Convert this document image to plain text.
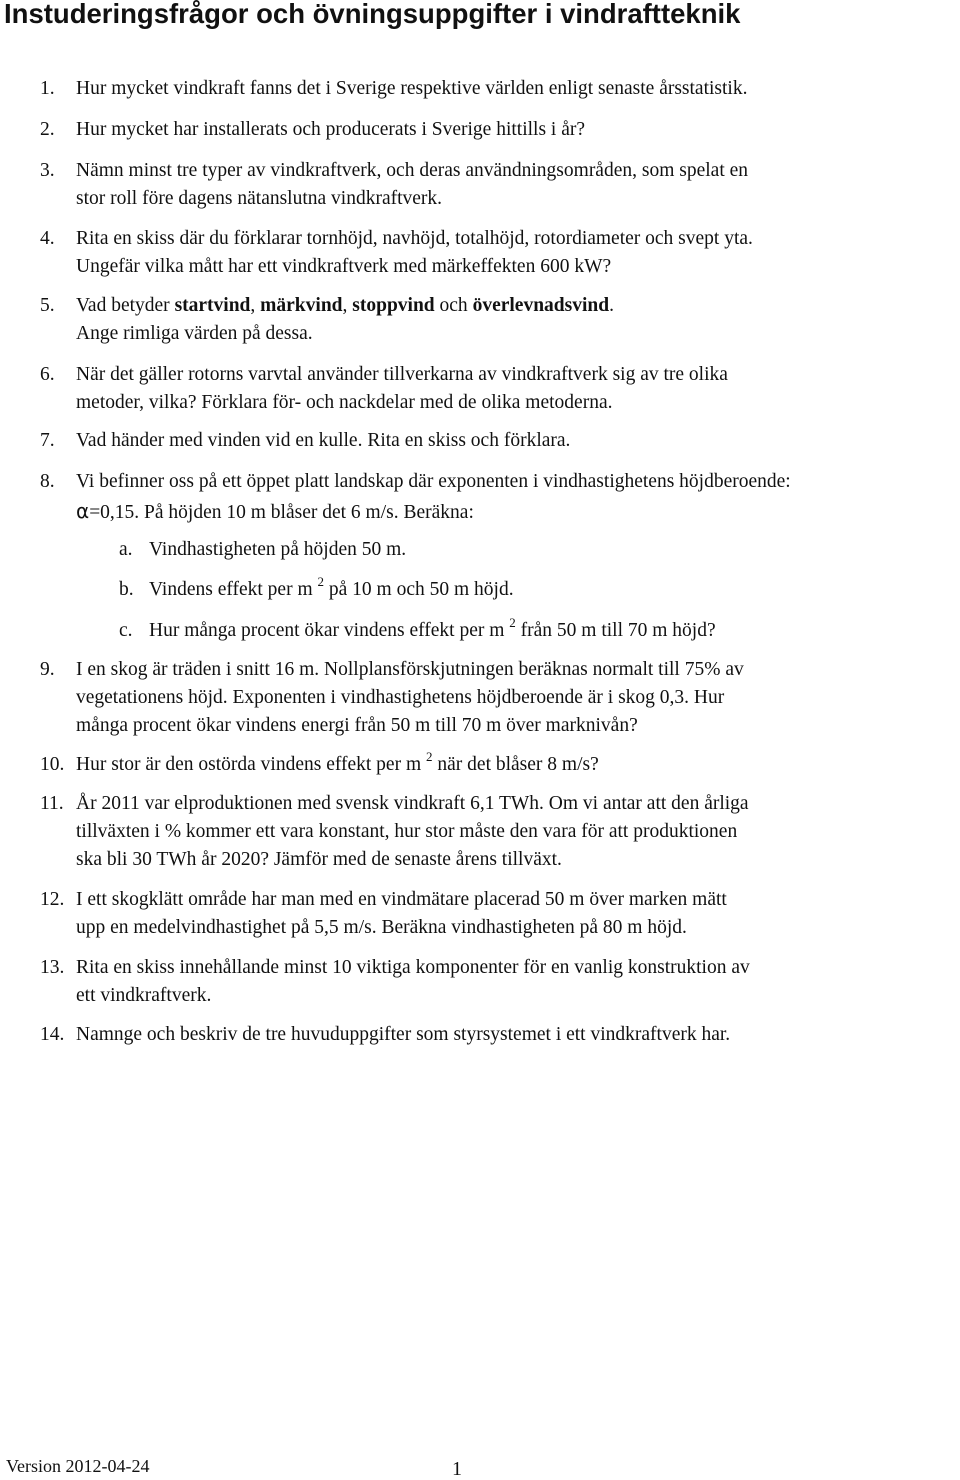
Instuderingsfrågor och övningsuppgifter i vindraftteknik
1. Hur mycket vindkraft fanns det i Sverige respektive världen enligt senaste årsstatistik.
2. Hur mycket har installerats och producerats i Sverige hittills i år?
3. Nämn minst tre typer av vindkraftverk, och deras användningsområden, som spelat en
stor roll före dagens nätanslutna vindkraftverk.
4. Rita en skiss där du förklarar tornhöjd, navhöjd, totalhöjd, rotordiameter och svept yta.
Ungefär vilka mått har ett vindkraftverk med märkeffekten 600 kW?
5. Vad betyder startvind, märkvind, stoppvind och överlevnadsvind.
Ange rimliga värden på dessa.
6. När det gäller rotorns varvtal använder tillverkarna av vindkraftverk sig av tre olika
metoder, vilka? Förklara för- och nackdelar med de olika metoderna.
7. Vad händer med vinden vid en kulle. Rita en skiss och förklara.
8. Vi befinner oss på ett öppet platt landskap där exponenten i vindhastighetens höjdberoende:
α=0,15. På höjden 10 m blåser det 6 m/s. Beräkna:
a. Vindhastigheten på höjden 50 m.
b. Vindens effekt per m $^2$ på 10 m och 50 m höjd.
c. Hur många procent ökar vindens effekt per m $^2$ från 50 m till 70 m höjd?
9. I en skog är träden i snitt 16 m. Nollplansförskjutningen beräknas normalt till 75% av
vegetationens höjd. Exponenten i vindhastighetens höjdberoende är i skog 0,3. Hur
många procent ökar vindens energi från 50 m till 70 m över marknivån?
10. Hur stor är den ostörda vindens effekt per m $^2$ när det blåser 8 m/s?
11. År 2011 var elproduktionen med svensk vindkraft 6,1 TWh. Om vi antar att den årliga
tillväxten i % kommer ett vara konstant, hur stor måste den vara för att produktionen
ska bli 30 TWh år 2020? Jämför med de senaste årens tillväxt.
12. I ett skogklätt område har man med en vindmätare placerad 50 m över marken mätt
upp en medelvindhastighet på 5,5 m/s. Beräkna vindhastigheten på 80 m höjd.
13. Rita en skiss innehållande minst 10 viktiga komponenter för en vanlig konstruktion av
ett vindkraftverk.
14. Namnge och beskriv de tre huvuduppgifter som styrsystemet i ett vindkraftverk har.
Version 2012-04-24	1
